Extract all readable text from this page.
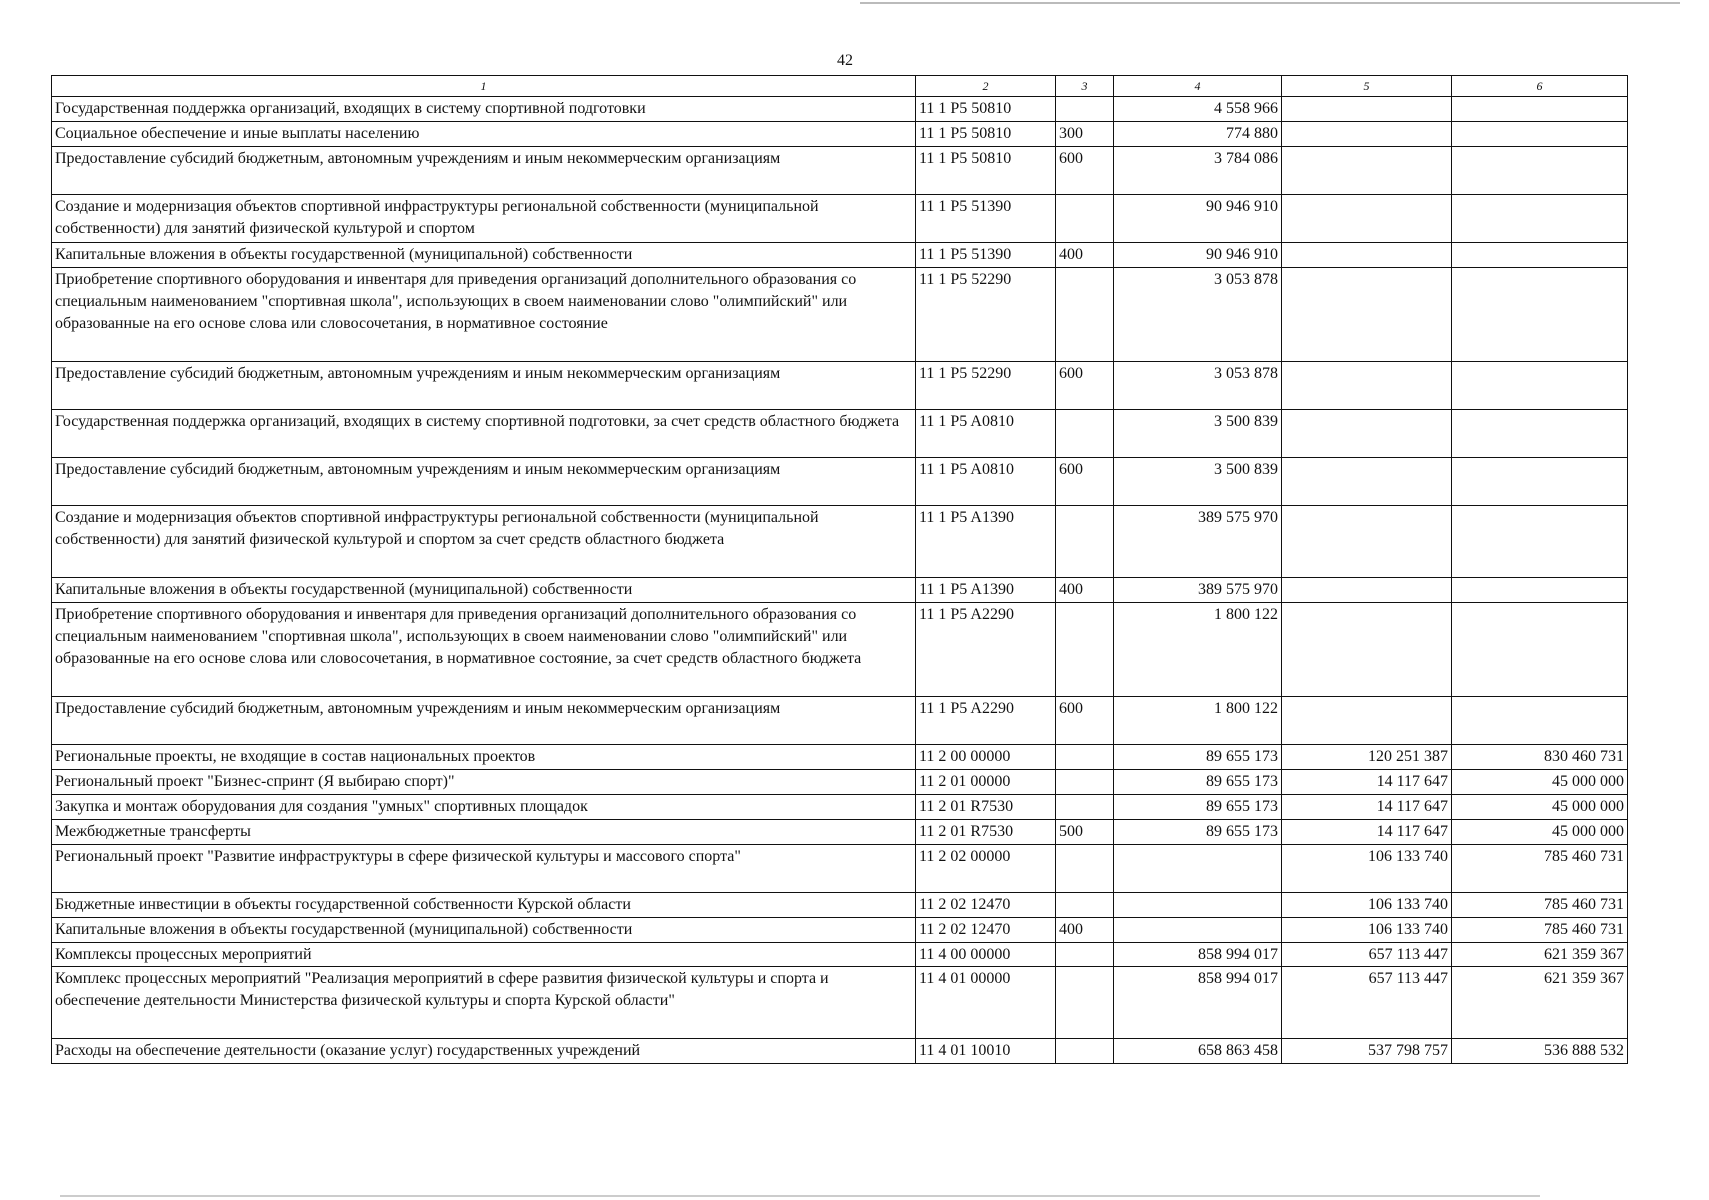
42
1	2	3	4	5	6
Государственная поддержка организаций, входящих в систему спортивной подготовки	11 1 P5 50810		4 558 966		
Социальное обеспечение и иные выплаты населению	11 1 P5 50810	300	774 880		
Предоставление субсидий бюджетным, автономным учреждениям и иным некоммерческим организациям	11 1 P5 50810	600	3 784 086		
Создание и модернизация объектов спортивной инфраструктуры региональной собственности (муниципальной собственности) для занятий физической культурой и спортом	11 1 P5 51390		90 946 910		
Капитальные вложения в объекты государственной (муниципальной) собственности	11 1 P5 51390	400	90 946 910		
Приобретение спортивного оборудования и инвентаря для приведения организаций дополнительного образования со специальным наименованием "спортивная школа", использующих в своем наименовании слово "олимпийский" или образованные на его основе слова или словосочетания, в нормативное состояние	11 1 P5 52290		3 053 878		
Предоставление субсидий бюджетным, автономным учреждениям и иным некоммерческим организациям	11 1 P5 52290	600	3 053 878		
Государственная поддержка организаций, входящих в систему спортивной подготовки, за счет средств областного бюджета	11 1 P5 A0810		3 500 839		
Предоставление субсидий бюджетным, автономным учреждениям и иным некоммерческим организациям	11 1 P5 A0810	600	3 500 839		
Создание и модернизация объектов спортивной инфраструктуры региональной собственности (муниципальной собственности) для занятий физической культурой и спортом за счет средств областного бюджета	11 1 P5 A1390		389 575 970		
Капитальные вложения в объекты государственной (муниципальной) собственности	11 1 P5 A1390	400	389 575 970		
Приобретение спортивного оборудования и инвентаря для приведения организаций дополнительного образования со специальным наименованием "спортивная школа", использующих в своем наименовании слово "олимпийский" или образованные на его основе слова или словосочетания, в нормативное состояние, за счет средств областного бюджета	11 1 P5 A2290		1 800 122		
Предоставление субсидий бюджетным, автономным учреждениям и иным некоммерческим организациям	11 1 P5 A2290	600	1 800 122		
Региональные проекты, не входящие в состав национальных проектов	11 2 00 00000		89 655 173	120 251 387	830 460 731
Региональный проект "Бизнес-спринт (Я выбираю спорт)"	11 2 01 00000		89 655 173	14 117 647	45 000 000
Закупка и монтаж оборудования для создания "умных" спортивных площадок	11 2 01 R7530		89 655 173	14 117 647	45 000 000
Межбюджетные трансферты	11 2 01 R7530	500	89 655 173	14 117 647	45 000 000
Региональный проект "Развитие инфраструктуры в сфере физической культуры и массового спорта"	11 2 02 00000			106 133 740	785 460 731
Бюджетные инвестиции в объекты государственной собственности Курской области	11 2 02 12470			106 133 740	785 460 731
Капитальные вложения в объекты государственной (муниципальной) собственности	11 2 02 12470	400		106 133 740	785 460 731
Комплексы процессных мероприятий	11 4 00 00000		858 994 017	657 113 447	621 359 367
Комплекс процессных мероприятий "Реализация мероприятий в сфере развития физической культуры и спорта и обеспечение деятельности Министерства физической культуры и спорта Курской области"	11 4 01 00000		858 994 017	657 113 447	621 359 367
Расходы на обеспечение деятельности (оказание услуг) государственных учреждений	11 4 01 10010		658 863 458	537 798 757	536 888 532
